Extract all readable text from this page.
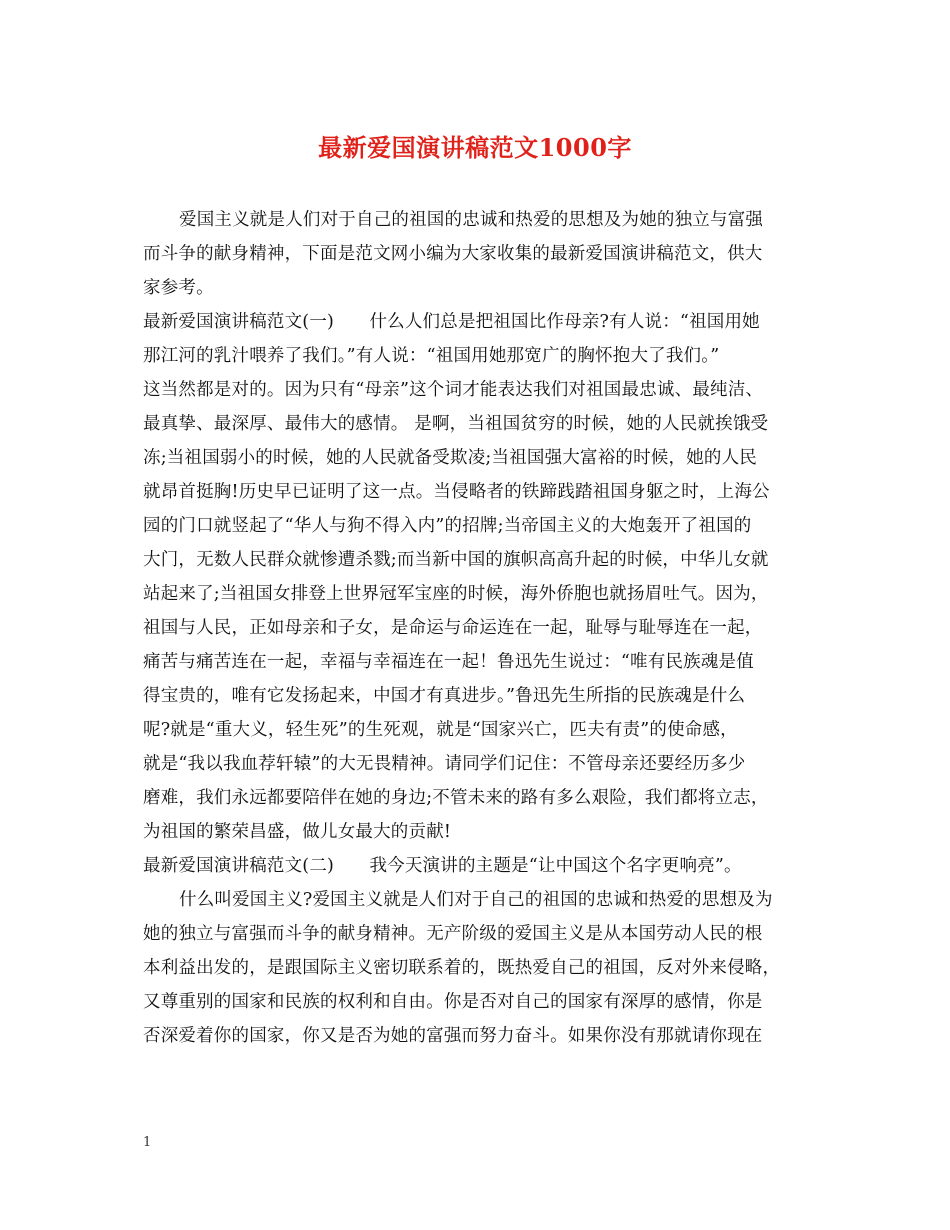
最新爱国演讲稿范文1000字
爱国主义就是人们对于自己的祖国的忠诚和热爱的思想及为她的独立与富强
而斗争的献身精神，下面是范文网小编为大家收集的最新爱国演讲稿范文，供大
家参考。
最新爱国演讲稿范文(一)　　什么人们总是把祖国比作母亲?有人说：“祖国用她
那江河的乳汁喂养了我们。”有人说：“祖国用她那宽广的胸怀抱大了我们。”
这当然都是对的。因为只有“母亲”这个词才能表达我们对祖国最忠诚、最纯洁、
最真挚、最深厚、最伟大的感情。 是啊，当祖国贫穷的时候，她的人民就挨饿受
冻;当祖国弱小的时候，她的人民就备受欺凌;当祖国强大富裕的时候，她的人民
就昂首挺胸!历史早已证明了这一点。当侵略者的铁蹄践踏祖国身躯之时，上海公
园的门口就竖起了“华人与狗不得入内”的招牌;当帝国主义的大炮轰开了祖国的
大门，无数人民群众就惨遭杀戮;而当新中国的旗帜高高升起的时候，中华儿女就
站起来了;当祖国女排登上世界冠军宝座的时候，海外侨胞也就扬眉吐气。因为，
祖国与人民，正如母亲和子女，是命运与命运连在一起，耻辱与耻辱连在一起，
痛苦与痛苦连在一起，幸福与幸福连在一起！鲁迅先生说过：“唯有民族魂是值
得宝贵的，唯有它发扬起来，中国才有真进步。”鲁迅先生所指的民族魂是什么
呢?就是“重大义，轻生死”的生死观，就是“国家兴亡，匹夫有责”的使命感，
就是“我以我血荐轩辕”的大无畏精神。请同学们记住：不管母亲还要经历多少
磨难，我们永远都要陪伴在她的身边;不管未来的路有多么艰险，我们都将立志，
为祖国的繁荣昌盛，做儿女最大的贡献!
最新爱国演讲稿范文(二)　　我今天演讲的主题是“让中国这个名字更响亮”。
什么叫爱国主义?爱国主义就是人们对于自己的祖国的忠诚和热爱的思想及为
她的独立与富强而斗争的献身精神。无产阶级的爱国主义是从本国劳动人民的根
本利益出发的，是跟国际主义密切联系着的，既热爱自己的祖国，反对外来侵略，
又尊重别的国家和民族的权利和自由。你是否对自己的国家有深厚的感情，你是
否深爱着你的国家，你又是否为她的富强而努力奋斗。如果你没有那就请你现在
1
